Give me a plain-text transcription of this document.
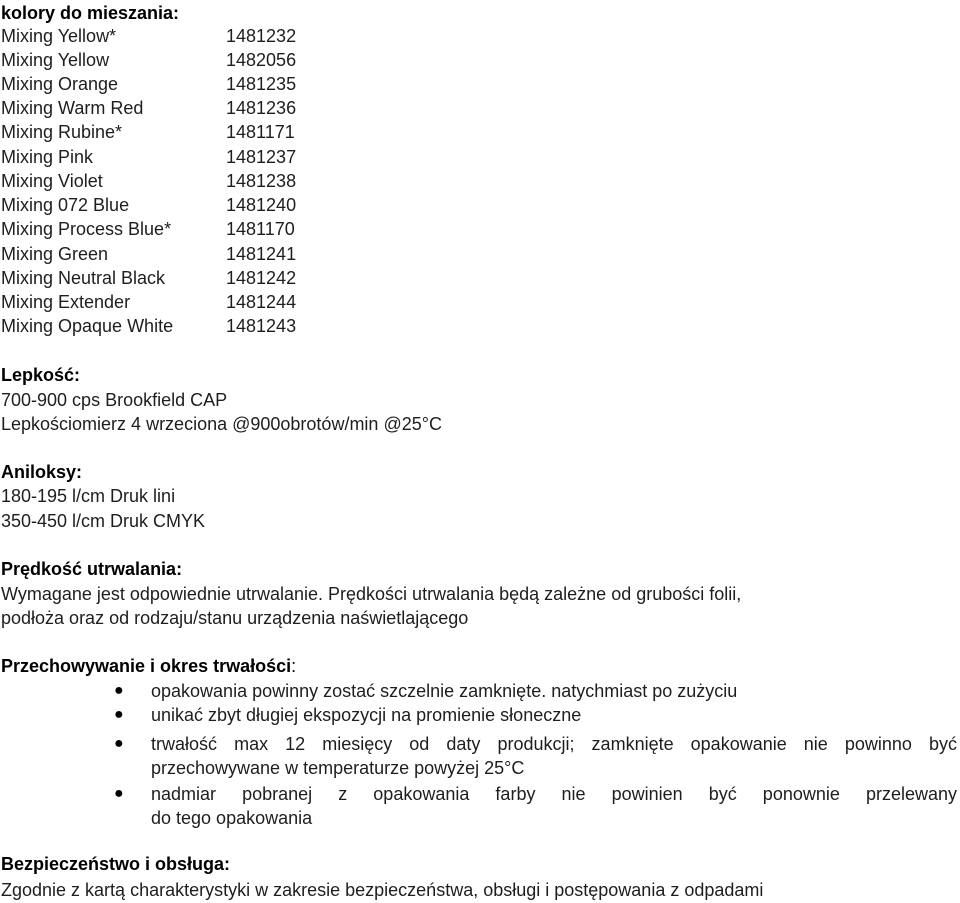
kolory do mieszania:
Mixing Yellow*	1481232
Mixing Yellow	1482056
Mixing Orange	1481235
Mixing Warm Red	1481236
Mixing Rubine*	1481171
Mixing Pink	1481237
Mixing Violet	1481238
Mixing 072 Blue	1481240
Mixing Process Blue*	1481170
Mixing Green	1481241
Mixing Neutral Black	1481242
Mixing Extender	1481244
Mixing Opaque White	1481243
Lepkość:
700-900 cps Brookfield CAP
Lepkościomierz 4 wrzeciona @900obrotów/min @25°C
Aniloksy:
180-195 l/cm Druk lini
350-450 l/cm Druk CMYK
Prędkość utrwalania:
Wymagane jest odpowiednie utrwalanie. Prędkości utrwalania będą zależne od grubości folii,
podłoża oraz od rodzaju/stanu urządzenia naświetlającego
Przechowywanie i okres trwałości:
● opakowania powinny zostać szczelnie zamknięte. natychmiast po zużyciu
● unikać zbyt długiej ekspozycji na promienie słoneczne
● trwałość max 12 miesięcy od daty produkcji; zamknięte opakowanie nie powinno być
przechowywane w temperaturze powyżej 25°C
● nadmiar pobranej z opakowania farby nie powinien być ponownie przelewany
do tego opakowania
Bezpieczeństwo i obsługa:
Zgodnie z kartą charakterystyki w zakresie bezpieczeństwa, obsługi i postępowania z odpadami
